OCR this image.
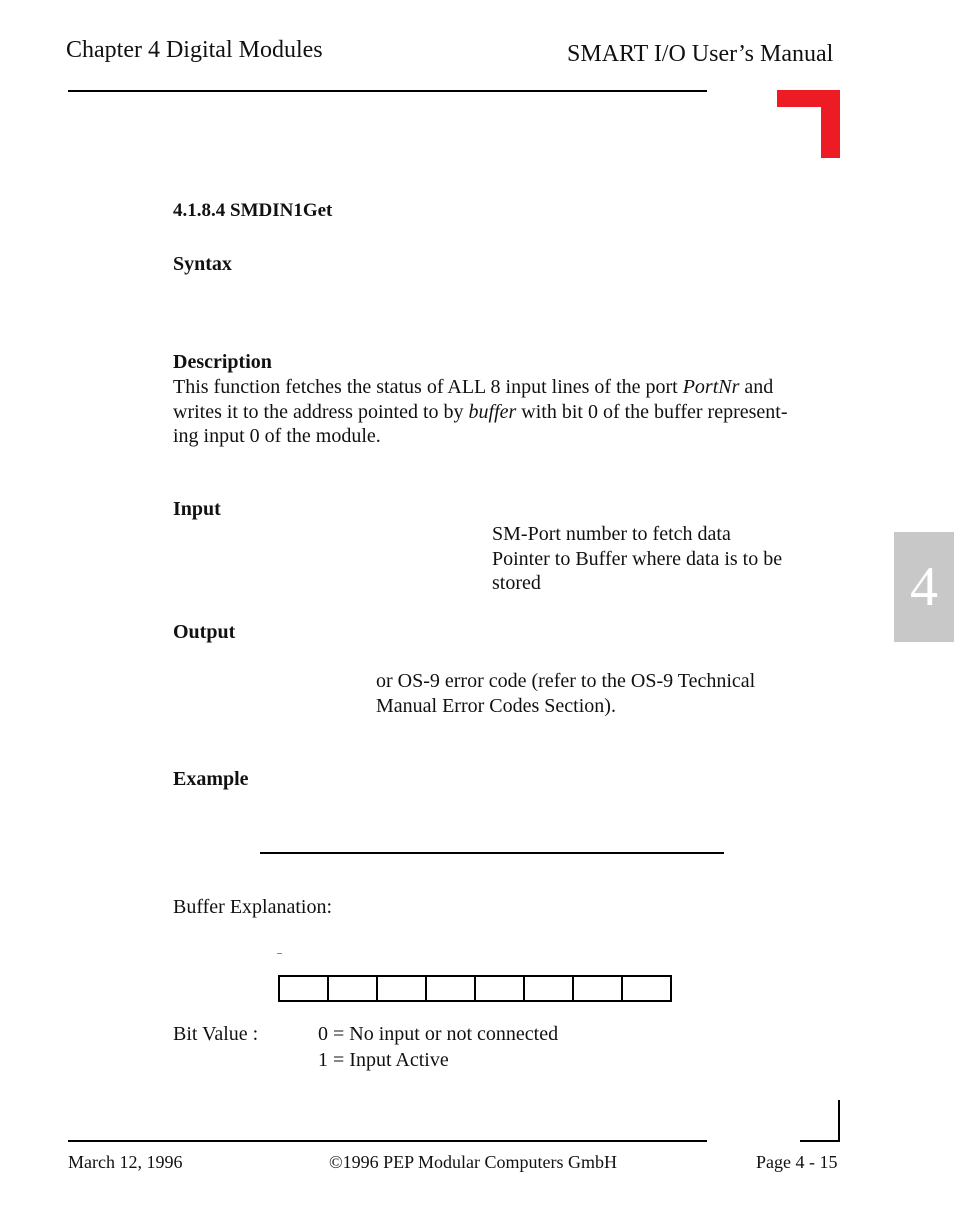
Chapter 4 Digital Modules	SMART I/O User’s Manual
4
4.1.8.4 SMDIN1Get
Syntax
Description
This function fetches the status of ALL 8 input lines of the port PortNr and
writes it to the address pointed to by buffer with bit 0 of the buffer represent-
ing input 0 of the module.
Input
SM-Port number to fetch data
Pointer to Buffer where data is to be
stored
Output
or OS-9 error code (refer to the OS-9 Technical
Manual Error Codes Section).
Example
Buffer Explanation:
Bit Value :	0 = No input or not connected
1 = Input Active
March 12, 1996	©1996 PEP Modular Computers GmbH	Page 4 - 15
